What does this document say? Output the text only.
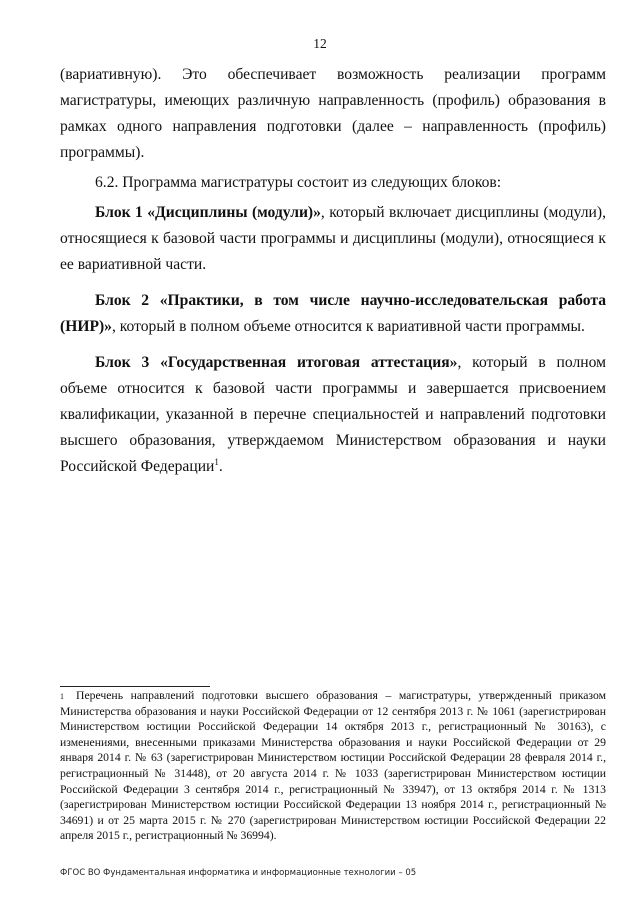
12

(вариативную). Это обеспечивает возможность реализации программ магистратуры, имеющих различную направленность (профиль) образования в рамках одного направления подготовки (далее – направленность (профиль) программы).

6.2. Программа магистратуры состоит из следующих блоков:

Блок 1 «Дисциплины (модули)», который включает дисциплины (модули), относящиеся к базовой части программы и дисциплины (модули), относящиеся к ее вариативной части.

Блок 2 «Практики, в том числе научно-исследовательская работа (НИР)», который в полном объеме относится к вариативной части программы.

Блок 3 «Государственная итоговая аттестация», который в полном объеме относится к базовой части программы и завершается присвоением квалификации, указанной в перечне специальностей и направлений подготовки высшего образования, утверждаемом Министерством образования и науки Российской Федерации$^1$.

$^1$ Перечень направлений подготовки высшего образования – магистратуры, утвержденный приказом Министерства образования и науки Российской Федерации от 12 сентября 2013 г. № 1061 (зарегистрирован Министерством юстиции Российской Федерации 14 октября 2013 г., регистрационный № 30163), с изменениями, внесенными приказами Министерства образования и науки Российской Федерации от 29 января 2014 г. № 63 (зарегистрирован Министерством юстиции Российской Федерации 28 февраля 2014 г., регистрационный № 31448), от 20 августа 2014 г. № 1033 (зарегистрирован Министерством юстиции Российской Федерации 3 сентября 2014 г., регистрационный № 33947), от 13 октября 2014 г. № 1313 (зарегистрирован Министерством юстиции Российской Федерации 13 ноября 2014 г., регистрационный № 34691) и от 25 марта 2015 г. № 270 (зарегистрирован Министерством юстиции Российской Федерации 22 апреля 2015 г., регистрационный № 36994).

ФГОС ВО Фундаментальная информатика и информационные технологии – 05
